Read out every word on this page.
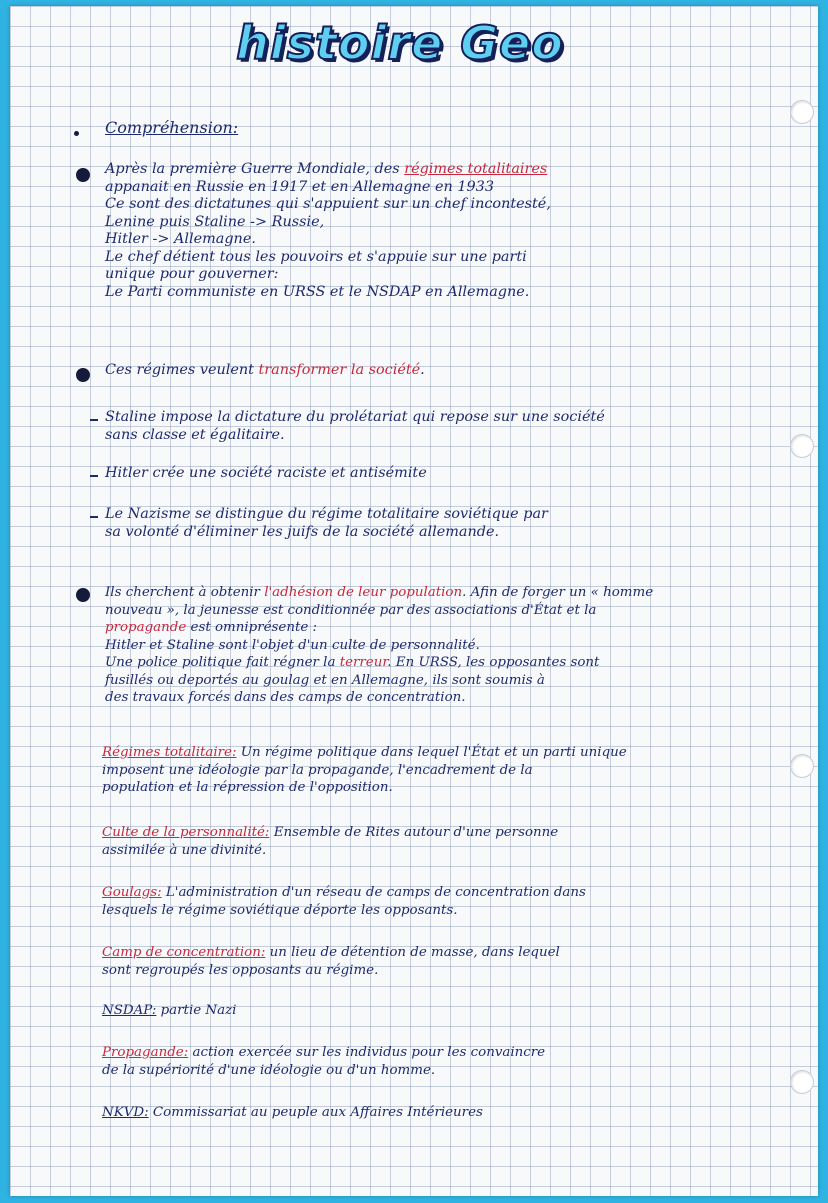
histoire Geo
Compréhension:
Après la première Guerre Mondiale, des régimes totalitaires
appanait en Russie en 1917 et en Allemagne en 1933
Ce sont des dictatunes qui s'appuient sur un chef incontesté,
Lenine puis Staline -> Russie,
Hitler -> Allemagne.
Le chef détient tous les pouvoirs et s'appuie sur une parti
unique pour gouverner:
Le Parti communiste en URSS et le NSDAP en Allemagne.
Ces régimes veulent transformer la société.
Staline impose la dictature du prolétariat qui repose sur une société
sans classe et égalitaire.
Hitler crée une société raciste et antisémite
Le Nazisme se distingue du régime totalitaire soviétique par
sa volonté d'éliminer les juifs de la société allemande.
Ils cherchent à obtenir l'adhésion de leur population. Afin de forger un « homme
nouveau », la jeunesse est conditionnée par des associations d'État et la
propagande est omniprésente :
Hitler et Staline sont l'objet d'un culte de personnalité.
Une police politique fait régner la terreur. En URSS, les opposantes sont
fusillés ou deportés au goulag et en Allemagne, ils sont soumis à
des travaux forcés dans des camps de concentration.
Régimes totalitaire: Un régime politique dans lequel l'État et un parti unique
imposent une idéologie par la propagande, l'encadrement de la
population et la répression de l'opposition.
Culte de la personnalité: Ensemble de Rites autour d'une personne
assimilée à une divinité.
Goulags: L'administration d'un réseau de camps de concentration dans
lesquels le régime soviétique déporte les opposants.
Camp de concentration: un lieu de détention de masse, dans lequel
sont regroupés les opposants au régime.
NSDAP: partie Nazi
Propagande: action exercée sur les individus pour les convaincre
de la supériorité d'une idéologie ou d'un homme.
NKVD: Commissariat au peuple aux Affaires Intérieures
